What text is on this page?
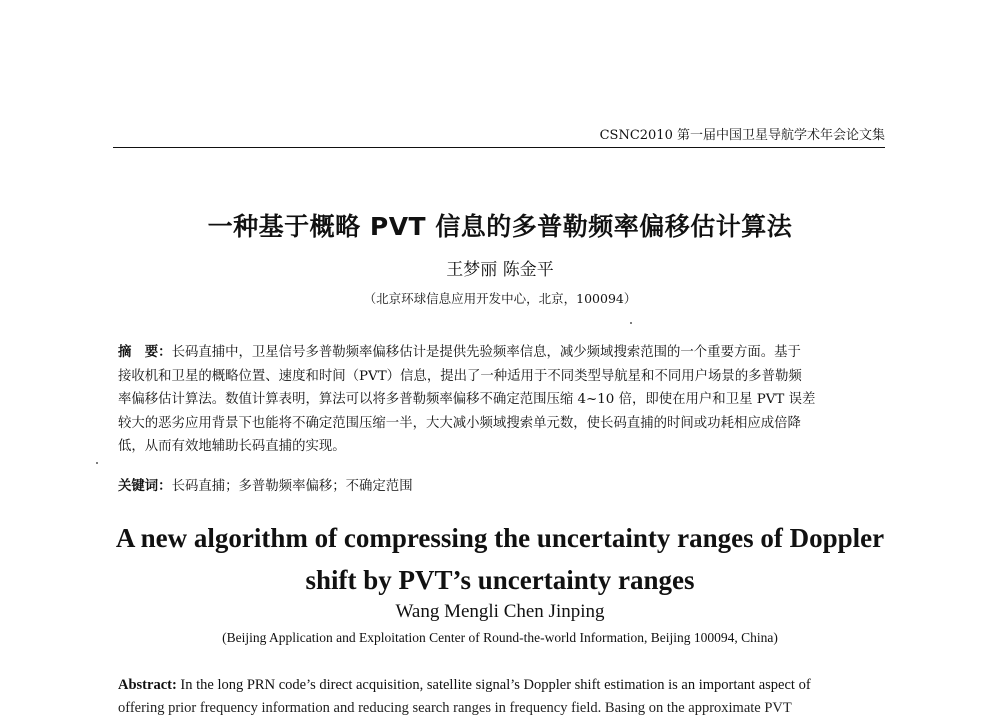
CSNC2010 第一届中国卫星导航学术年会论文集
一种基于概略 PVT 信息的多普勒频率偏移估计算法
王梦丽 陈金平
（北京环球信息应用开发中心，北京，100094）

摘　要：长码直捕中，卫星信号多普勒频率偏移估计是提供先验频率信息，减少频域搜索范围的一个重要方面。基于

接收机和卫星的概略位置、速度和时间（PVT）信息，提出了一种适用于不同类型导航星和不同用户场景的多普勒频

率偏移估计算法。数值计算表明，算法可以将多普勒频率偏移不确定范围压缩 4~10 倍，即使在用户和卫星 PVT 误差

较大的恶劣应用背景下也能将不确定范围压缩一半，大大减小频域搜索单元数，使长码直捕的时间或功耗相应成倍降

低，从而有效地辅助长码直捕的实现。

关键词：长码直捕；多普勒频率偏移；不确定范围
A new algorithm of compressing the uncertainty ranges of Doppler
shift by PVT’s uncertainty ranges
Wang Mengli Chen Jinping
(Beijing Application and Exploitation Center of Round-the-world Information, Beijing 100094, China)
Abstract: In the long PRN code’s direct acquisition, satellite signal’s Doppler shift estimation is an important aspect of
offering prior frequency information and reducing search ranges in frequency field. Basing on the approximate PVT
